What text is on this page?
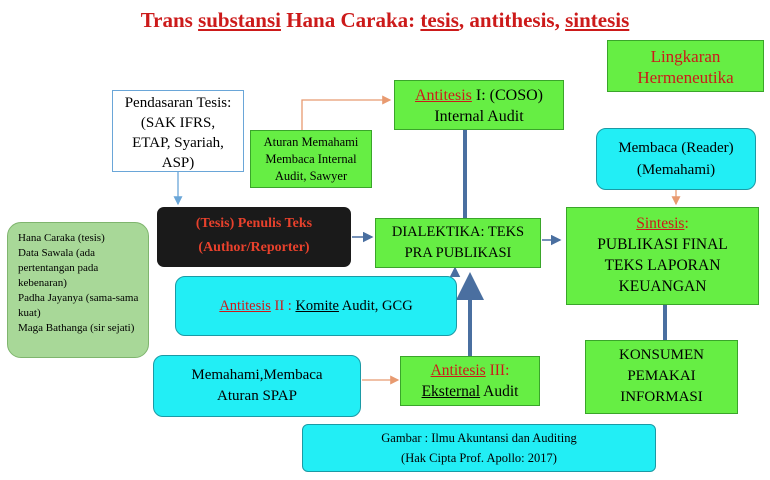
Trans substansi Hana Caraka: tesis, antithesis, sintesis
Lingkaran
Hermeneutika
Pendasaran Tesis:
(SAK IFRS,
ETAP, Syariah,
ASP)
Antitesis I: (COSO)
Internal Audit
Aturan Memahami
Membaca Internal
Audit, Sawyer
Membaca (Reader)
(Memahami)
Hana Caraka (tesis)
Data Sawala (ada pertentangan pada kebenaran)
Padha Jayanya (sama-sama kuat)
Maga Bathanga (sir sejati)
(Tesis) Penulis Teks
(Author/Reporter)
DIALEKTIKA: TEKS
PRA PUBLIKASI
Sintesis:
PUBLIKASI FINAL
TEKS LAPORAN
KEUANGAN
Antitesis II : Komite Audit, GCG
Memahami,Membaca
Aturan SPAP
Antitesis III:
Eksternal Audit
KONSUMEN
PEMAKAI
INFORMASI
Gambar : Ilmu Akuntansi dan Auditing
(Hak Cipta Prof. Apollo: 2017)
